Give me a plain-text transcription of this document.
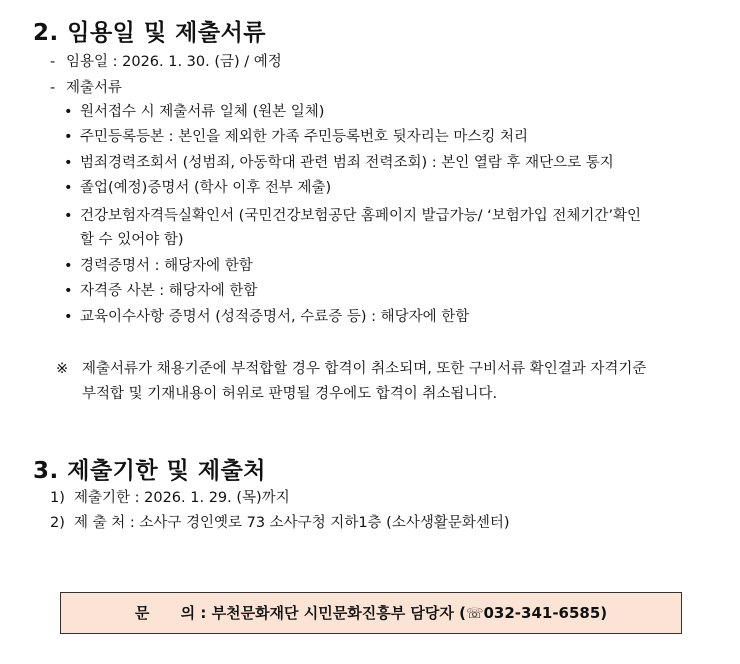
2. 임용일 및 제출서류
- 임용일 : 2026. 1. 30. (금) / 예정
- 제출서류
• 원서접수 시 제출서류 일체 (원본 일체)
• 주민등록등본 : 본인을 제외한 가족 주민등록번호 뒷자리는 마스킹 처리
• 범죄경력조회서 (성범죄, 아동학대 관련 범죄 전력조회) : 본인 열람 후 재단으로 통지
• 졸업(예정)증명서 (학사 이후 전부 제출)
• 건강보험자격득실확인서 (국민건강보험공단 홈페이지 발급가능/ ‘보험가입 전체기간’확인
할 수 있어야 함)
• 경력증명서 : 해당자에 한함
• 자격증 사본 : 해당자에 한함
• 교육이수사항 증명서 (성적증명서, 수료증 등) : 해당자에 한함
※ 제출서류가 채용기준에 부적합할 경우 합격이 취소되며, 또한 구비서류 확인결과 자격기준
부적합 및 기재내용이 허위로 판명될 경우에도 합격이 취소됩니다.
3. 제출기한 및 제출처
1) 제출기한 : 2026. 1. 29. (목)까지
2) 제 출 처 : 소사구 경인옛로 73 소사구청 지하1층 (소사생활문화센터)
문      의 : 부천문화재단 시민문화진흥부 담당자 (☏032-341-6585)
